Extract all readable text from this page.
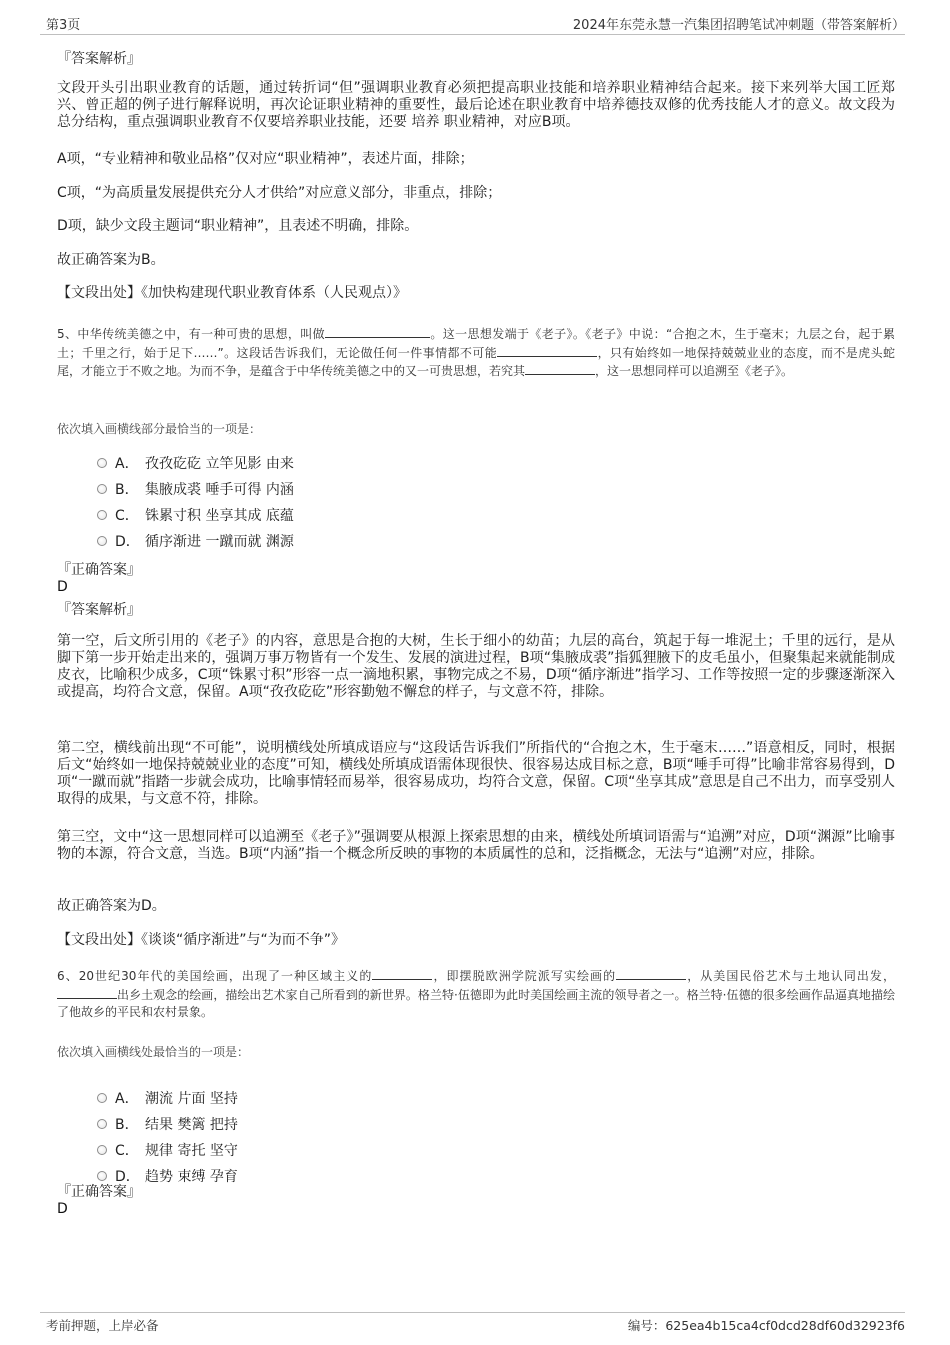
第3页	2024年东莞永慧一汽集团招聘笔试冲刺题（带答案解析）
『答案解析』
文段开头引出职业教育的话题，通过转折词“但”强调职业教育必须把提高职业技能和培养职业精神结合起来。接下来列举大国工匠郑兴、曾正超的例子进行解释说明，再次论证职业精神的重要性，最后论述在职业教育中培养德技双修的优秀技能人才的意义。故文段为总分结构，重点强调职业教育不仅要培养职业技能，还要 培养 职业精神，对应B项。
A项，“专业精神和敬业品格”仅对应“职业精神”，表述片面，排除；
C项，“为高质量发展提供充分人才供给”对应意义部分，非重点，排除；
D项，缺少文段主题词“职业精神”，且表述不明确，排除。
故正确答案为B。
【文段出处】《加快构建现代职业教育体系（人民观点）》
5、中华传统美德之中，有一种可贵的思想，叫做	。这一思想发端于《老子》。《老子》中说：“合抱之木，生于毫末；九层之台，起于累土；千里之行，始于足下……”。这段话告诉我们，无论做任何一件事情都不可能	，只有始终如一地保持兢兢业业的态度，而不是虎头蛇尾，才能立于不败之地。为而不争，是蕴含于中华传统美德之中的又一可贵思想，若究其	，这一思想同样可以追溯至《老子》。
依次填入画横线部分最恰当的一项是：
A． 孜孜矻矻 立竿见影 由来
B． 集腋成裘 唾手可得 内涵
C． 铢累寸积 坐享其成 底蕴
D． 循序渐进 一蹴而就 渊源
『正确答案』
D
『答案解析』
第一空，后文所引用的《老子》的内容，意思是合抱的大树，生长于细小的幼苗；九层的高台，筑起于每一堆泥土；千里的远行，是从脚下第一步开始走出来的，强调万事万物皆有一个发生、发展的演进过程，B项“集腋成裘”指狐狸腋下的皮毛虽小，但聚集起来就能制成皮衣，比喻积少成多，C项“铢累寸积”形容一点一滴地积累，事物完成之不易，D项“循序渐进”指学习、工作等按照一定的步骤逐渐深入或提高，均符合文意，保留。A项“孜孜矻矻”形容勤勉不懈怠的样子，与文意不符，排除。
第二空，横线前出现“不可能”，说明横线处所填成语应与“这段话告诉我们”所指代的“合抱之木，生于毫末……”语意相反，同时，根据后文“始终如一地保持兢兢业业的态度”可知，横线处所填成语需体现很快、很容易达成目标之意，B项“唾手可得”比喻非常容易得到，D项“一蹴而就”指踏一步就会成功，比喻事情轻而易举，很容易成功，均符合文意，保留。C项“坐享其成”意思是自己不出力，而享受别人取得的成果，与文意不符，排除。
第三空，文中“这一思想同样可以追溯至《老子》”强调要从根源上探索思想的由来，横线处所填词语需与“追溯”对应，D项“渊源”比喻事物的本源，符合文意，当选。B项“内涵”指一个概念所反映的事物的本质属性的总和，泛指概念，无法与“追溯”对应，排除。
故正确答案为D。
【文段出处】《谈谈“循序渐进”与“为而不争”》
6、20世纪30年代的美国绘画，出现了一种区域主义的	，即摆脱欧洲学院派写实绘画的	，从美国民俗艺术与土地认同出发，出乡土观念的绘画，描绘出艺术家自己所看到的新世界。格兰特·伍德即为此时美国绘画主流的领导者之一。格兰特·伍德的很多绘画作品逼真地描绘了他故乡的平民和农村景象。
依次填入画横线处最恰当的一项是：
A． 潮流 片面 坚持
B． 结果 樊篱 把持
C． 规律 寄托 坚守
D． 趋势 束缚 孕育
『正确答案』
D
考前押题，上岸必备	编号：625ea4b15ca4cf0dcd28df60d32923f6
